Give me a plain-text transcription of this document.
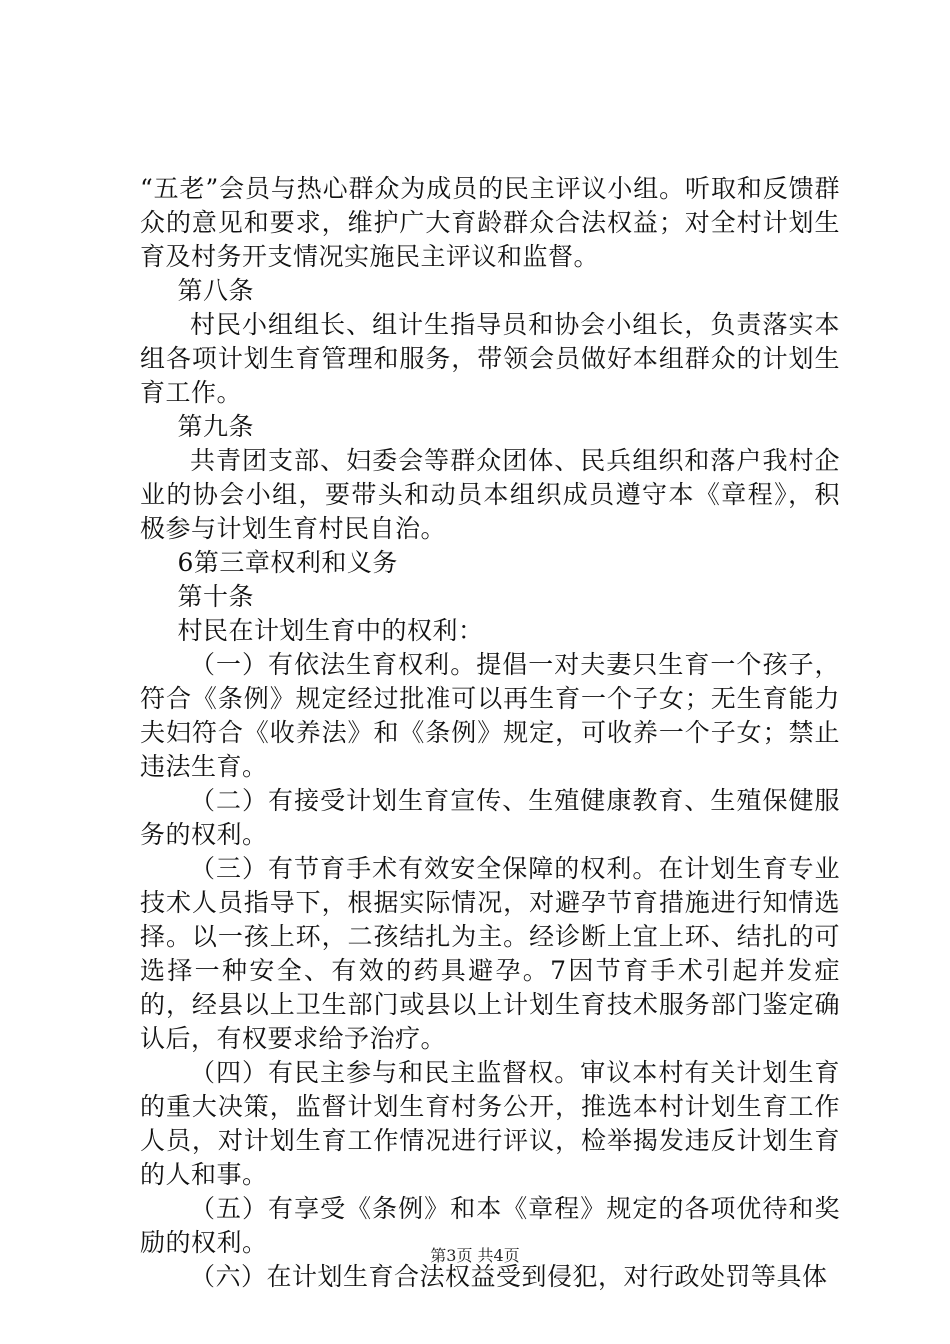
“五老”会员与热心群众为成员的民主评议小组。听取和反馈群众的意见和要求，维护广大育龄群众合法权益；对全村计划生育及村务开支情况实施民主评议和监督。

第八条

村民小组组长、组计生指导员和协会小组长，负责落实本组各项计划生育管理和服务，带领会员做好本组群众的计划生育工作。

第九条

共青团支部、妇委会等群众团体、民兵组织和落户我村企业的协会小组，要带头和动员本组织成员遵守本《章程》，积极参与计划生育村民自治。

6第三章权利和义务

第十条

村民在计划生育中的权利：

（一）有依法生育权利。提倡一对夫妻只生育一个孩子，符合《条例》规定经过批准可以再生育一个子女；无生育能力夫妇符合《收养法》和《条例》规定，可收养一个子女；禁止违法生育。

（二）有接受计划生育宣传、生殖健康教育、生殖保健服务的权利。

（三）有节育手术有效安全保障的权利。在计划生育专业技术人员指导下，根据实际情况，对避孕节育措施进行知情选择。以一孩上环，二孩结扎为主。经诊断上宜上环、结扎的可选择一种安全、有效的药具避孕。7因节育手术引起并发症的，经县以上卫生部门或县以上计划生育技术服务部门鉴定确认后，有权要求给予治疗。

（四）有民主参与和民主监督权。审议本村有关计划生育的重大决策，监督计划生育村务公开，推选本村计划生育工作人员，对计划生育工作情况进行评议，检举揭发违反计划生育的人和事。

（五）有享受《条例》和本《章程》规定的各项优待和奖励的权利。

（六）在计划生育合法权益受到侵犯，对行政处罚等具体

第3页 共4页
